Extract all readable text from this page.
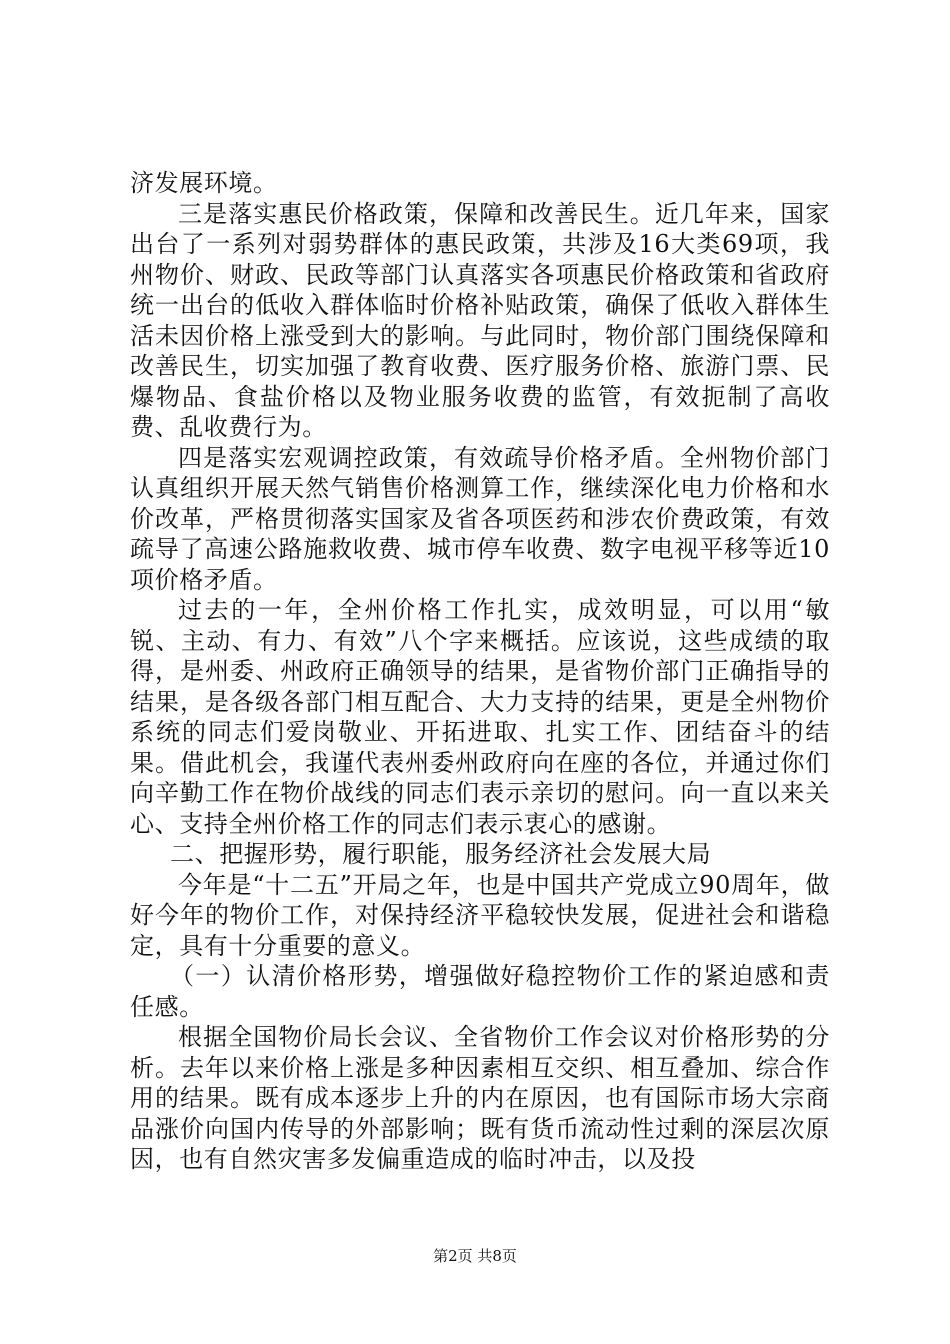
济发展环境。

三是落实惠民价格政策，保障和改善民生。近几年来，国家出台了一系列对弱势群体的惠民政策，共涉及16大类69项，我州物价、财政、民政等部门认真落实各项惠民价格政策和省政府统一出台的低收入群体临时价格补贴政策，确保了低收入群体生活未因价格上涨受到大的影响。与此同时，物价部门围绕保障和改善民生，切实加强了教育收费、医疗服务价格、旅游门票、民爆物品、食盐价格以及物业服务收费的监管，有效扼制了高收费、乱收费行为。

四是落实宏观调控政策，有效疏导价格矛盾。全州物价部门认真组织开展天然气销售价格测算工作，继续深化电力价格和水价改革，严格贯彻落实国家及省各项医药和涉农价费政策，有效疏导了高速公路施救收费、城市停车收费、数字电视平移等近10项价格矛盾。

过去的一年，全州价格工作扎实，成效明显，可以用“敏锐、主动、有力、有效”八个字来概括。应该说，这些成绩的取得，是州委、州政府正确领导的结果，是省物价部门正确指导的结果，是各级各部门相互配合、大力支持的结果，更是全州物价系统的同志们爱岗敬业、开拓进取、扎实工作、团结奋斗的结果。借此机会，我谨代表州委州政府向在座的各位，并通过你们向辛勤工作在物价战线的同志们表示亲切的慰问。向一直以来关心、支持全州价格工作的同志们表示衷心的感谢。

二、把握形势，履行职能，服务经济社会发展大局

今年是“十二五”开局之年，也是中国共产党成立90周年，做好今年的物价工作，对保持经济平稳较快发展，促进社会和谐稳定，具有十分重要的意义。

（一）认清价格形势，增强做好稳控物价工作的紧迫感和责任感。

根据全国物价局长会议、全省物价工作会议对价格形势的分析。去年以来价格上涨是多种因素相互交织、相互叠加、综合作用的结果。既有成本逐步上升的内在原因，也有国际市场大宗商品涨价向国内传导的外部影响；既有货币流动性过剩的深层次原因，也有自然灾害多发偏重造成的临时冲击，以及投

第2页 共8页
